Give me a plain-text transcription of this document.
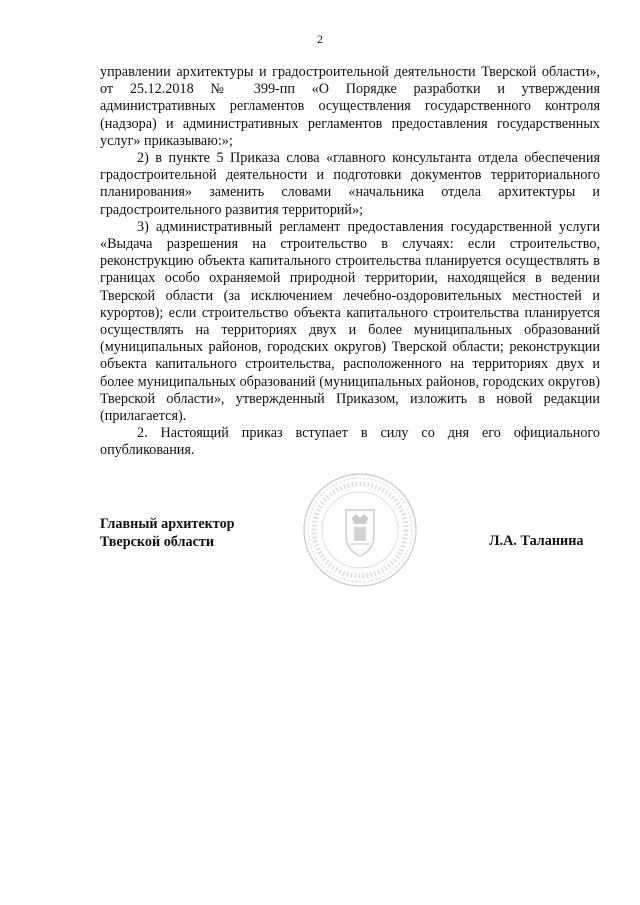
2

управлении архитектуры и градостроительной деятельности Тверской области», от 25.12.2018 № 399-пп «О Порядке разработки и утверждения административных регламентов осуществления государственного контроля (надзора) и административных регламентов предоставления государственных услуг» приказываю:»;

2) в пункте 5 Приказа слова «главного консультанта отдела обеспечения градостроительной деятельности и подготовки документов территориального планирования» заменить словами «начальника отдела архитектуры и градостроительного развития территорий»;

3) административный регламент предоставления государственной услуги «Выдача разрешения на строительство в случаях: если строительство, реконструкцию объекта капитального строительства планируется осуществлять в границах особо охраняемой природной территории, находящейся в ведении Тверской области (за исключением лечебно-оздоровительных местностей и курортов); если строительство объекта капитального строительства планируется осуществлять на территориях двух и более муниципальных образований (муниципальных районов, городских округов) Тверской области; реконструкции объекта капитального строительства, расположенного на территориях двух и более муниципальных образований (муниципальных районов, городских округов) Тверской области», утвержденный Приказом, изложить в новой редакции (прилагается).

2. Настоящий приказ вступает в силу со дня его официального опубликования.

Главный архитектор
Тверской области	Л.А. Таланина
